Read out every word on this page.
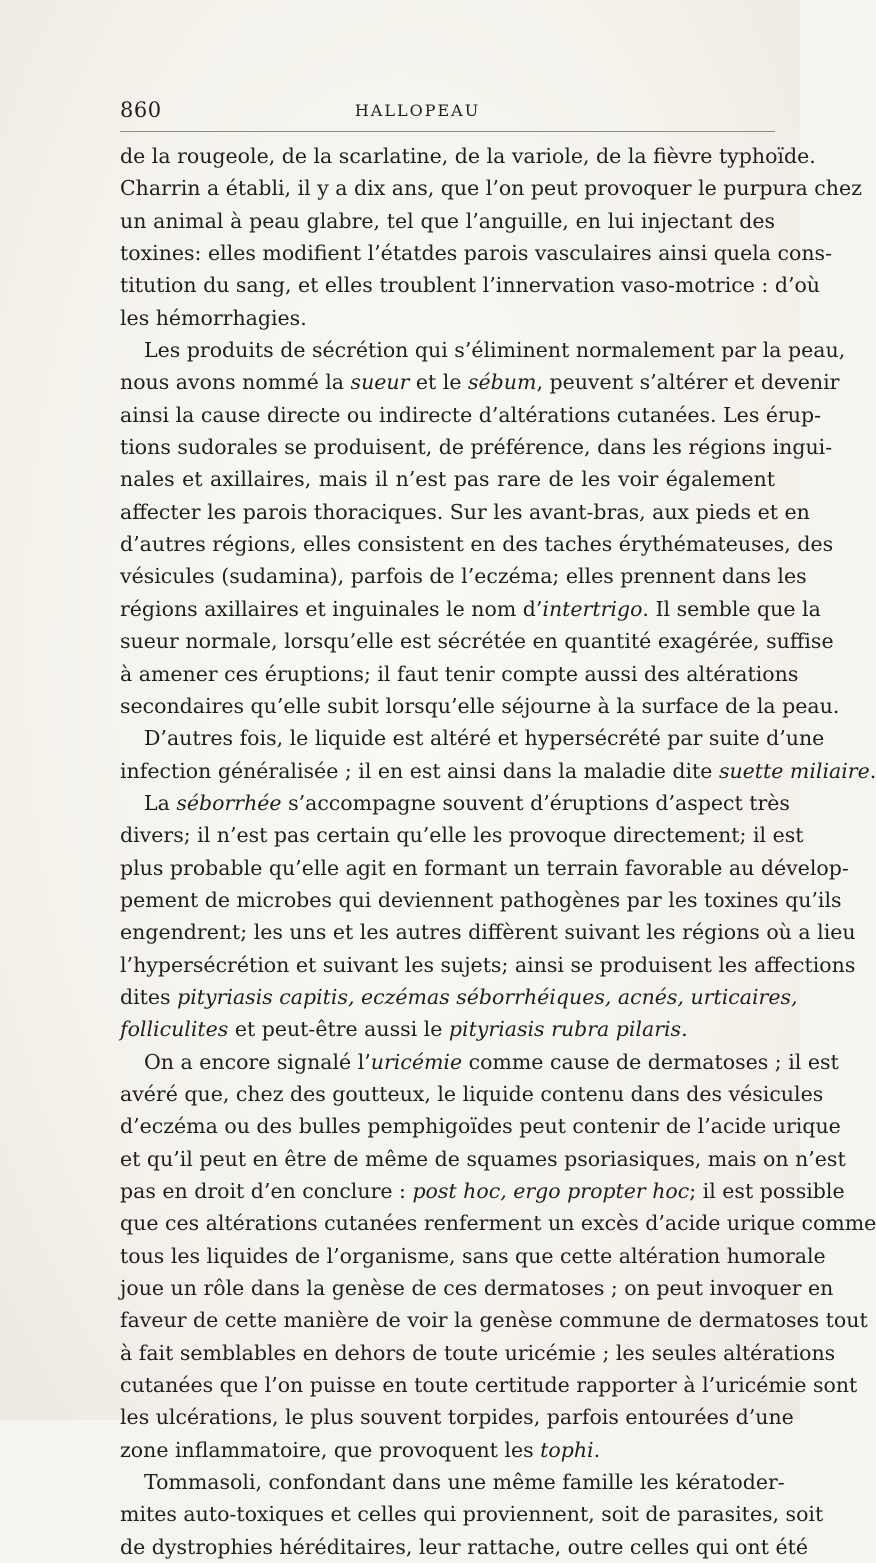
860	HALLOPEAU
de la rougeole, de la scarlatine, de la variole, de la fièvre typhoïde.
Charrin a établi, il y a dix ans, que l’on peut provoquer le purpura chez
un animal à peau glabre, tel que l’anguille, en lui injectant des
toxines: elles modifient l’étatdes parois vasculaires ainsi quela cons-
titution du sang, et elles troublent l’innervation vaso-motrice : d’où
les hémorrhagies.
Les produits de sécrétion qui s’éliminent normalement par la peau,
nous avons nommé la sueur et le sébum, peuvent s’altérer et devenir
ainsi la cause directe ou indirecte d’altérations cutanées. Les érup-
tions sudorales se produisent, de préférence, dans les régions ingui-
nales et axillaires, mais il n’est pas rare de les voir également
affecter les parois thoraciques. Sur les avant-bras, aux pieds et en
d’autres régions, elles consistent en des taches érythémateuses, des
vésicules (sudamina), parfois de l’eczéma; elles prennent dans les
régions axillaires et inguinales le nom d’intertrigo. Il semble que la
sueur normale, lorsqu’elle est sécrétée en quantité exagérée, suffise
à amener ces éruptions; il faut tenir compte aussi des altérations
secondaires qu’elle subit lorsqu’elle séjourne à la surface de la peau.
D’autres fois, le liquide est altéré et hypersécrété par suite d’une
infection généralisée ; il en est ainsi dans la maladie dite suette miliaire.
La séborrhée s’accompagne souvent d’éruptions d’aspect très
divers; il n’est pas certain qu’elle les provoque directement; il est
plus probable qu’elle agit en formant un terrain favorable au dévelop-
pement de microbes qui deviennent pathogènes par les toxines qu’ils
engendrent; les uns et les autres diffèrent suivant les régions où a lieu
l’hypersécrétion et suivant les sujets; ainsi se produisent les affections
dites pityriasis capitis, eczémas séborrhéiques, acnés, urticaires,
folliculites et peut-être aussi le pityriasis rubra pilaris.
On a encore signalé l’uricémie comme cause de dermatoses ; il est
avéré que, chez des goutteux, le liquide contenu dans des vésicules
d’eczéma ou des bulles pemphigoïdes peut contenir de l’acide urique
et qu’il peut en être de même de squames psoriasiques, mais on n’est
pas en droit d’en conclure : post hoc, ergo propter hoc; il est possible
que ces altérations cutanées renferment un excès d’acide urique comme
tous les liquides de l’organisme, sans que cette altération humorale
joue un rôle dans la genèse de ces dermatoses ; on peut invoquer en
faveur de cette manière de voir la genèse commune de dermatoses tout
à fait semblables en dehors de toute uricémie ; les seules altérations
cutanées que l’on puisse en toute certitude rapporter à l’uricémie sont
les ulcérations, le plus souvent torpides, parfois entourées d’une
zone inflammatoire, que provoquent les tophi.
Tommasoli, confondant dans une même famille les kératoder-
mites auto-toxiques et celles qui proviennent, soit de parasites, soit
de dystrophies héréditaires, leur rattache, outre celles qui ont été
